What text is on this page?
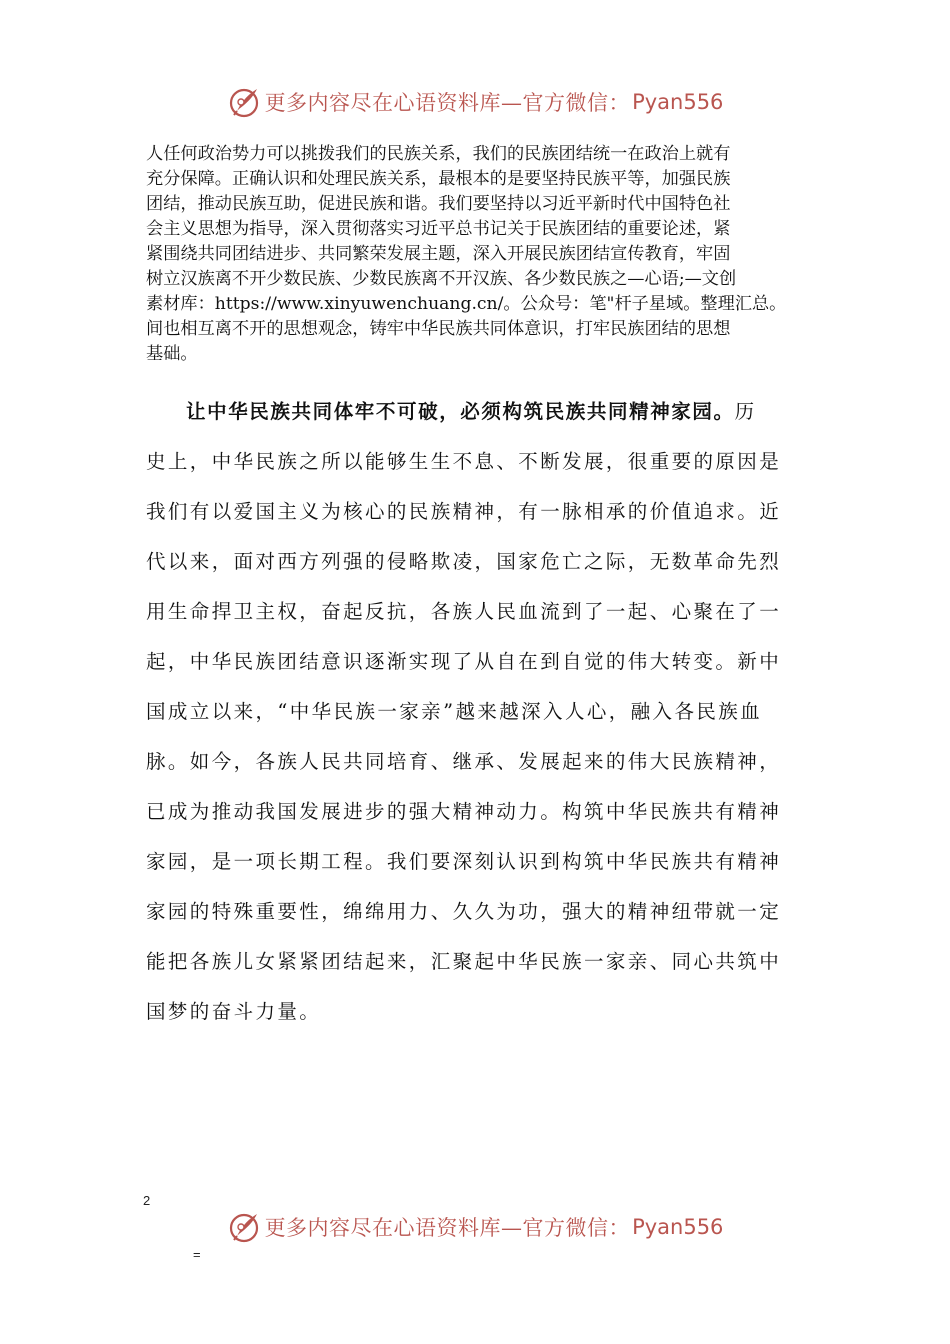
更多内容尽在心语资料库—官方微信： Pyan556

人任何政治势力可以挑拨我们的民族关系，我们的民族团结统一在政治上就有
充分保障。正确认识和处理民族关系，最根本的是要坚持民族平等，加强民族
团结，推动民族互助，促进民族和谐。我们要坚持以习近平新时代中国特色社
会主义思想为指导，深入贯彻落实习近平总书记关于民族团结的重要论述，紧
紧围绕共同团结进步、共同繁荣发展主题，深入开展民族团结宣传教育，牢固
树立汉族离不开少数民族、少数民族离不开汉族、各少数民族之—心语;—文创
素材库：https://www.xinyuwenchuang.cn/。公众号：笔"杆子星域。整理汇总。
间也相互离不开的思想观念，铸牢中华民族共同体意识，打牢民族团结的思想
基础。

让中华民族共同体牢不可破，必须构筑民族共同精神家园。历
史上，中华民族之所以能够生生不息、不断发展，很重要的原因是
我们有以爱国主义为核心的民族精神，有一脉相承的价值追求。近
代以来，面对西方列强的侵略欺凌，国家危亡之际，无数革命先烈
用生命捍卫主权，奋起反抗，各族人民血流到了一起、心聚在了一
起，中华民族团结意识逐渐实现了从自在到自觉的伟大转变。新中
国成立以来，“中华民族一家亲”越来越深入人心，融入各民族血
脉。如今，各族人民共同培育、继承、发展起来的伟大民族精神，
已成为推动我国发展进步的强大精神动力。构筑中华民族共有精神
家园，是一项长期工程。我们要深刻认识到构筑中华民族共有精神
家园的特殊重要性，绵绵用力、久久为功，强大的精神纽带就一定
能把各族儿女紧紧团结起来，汇聚起中华民族一家亲、同心共筑中
国梦的奋斗力量。

2
更多内容尽在心语资料库—官方微信： Pyan556
=
